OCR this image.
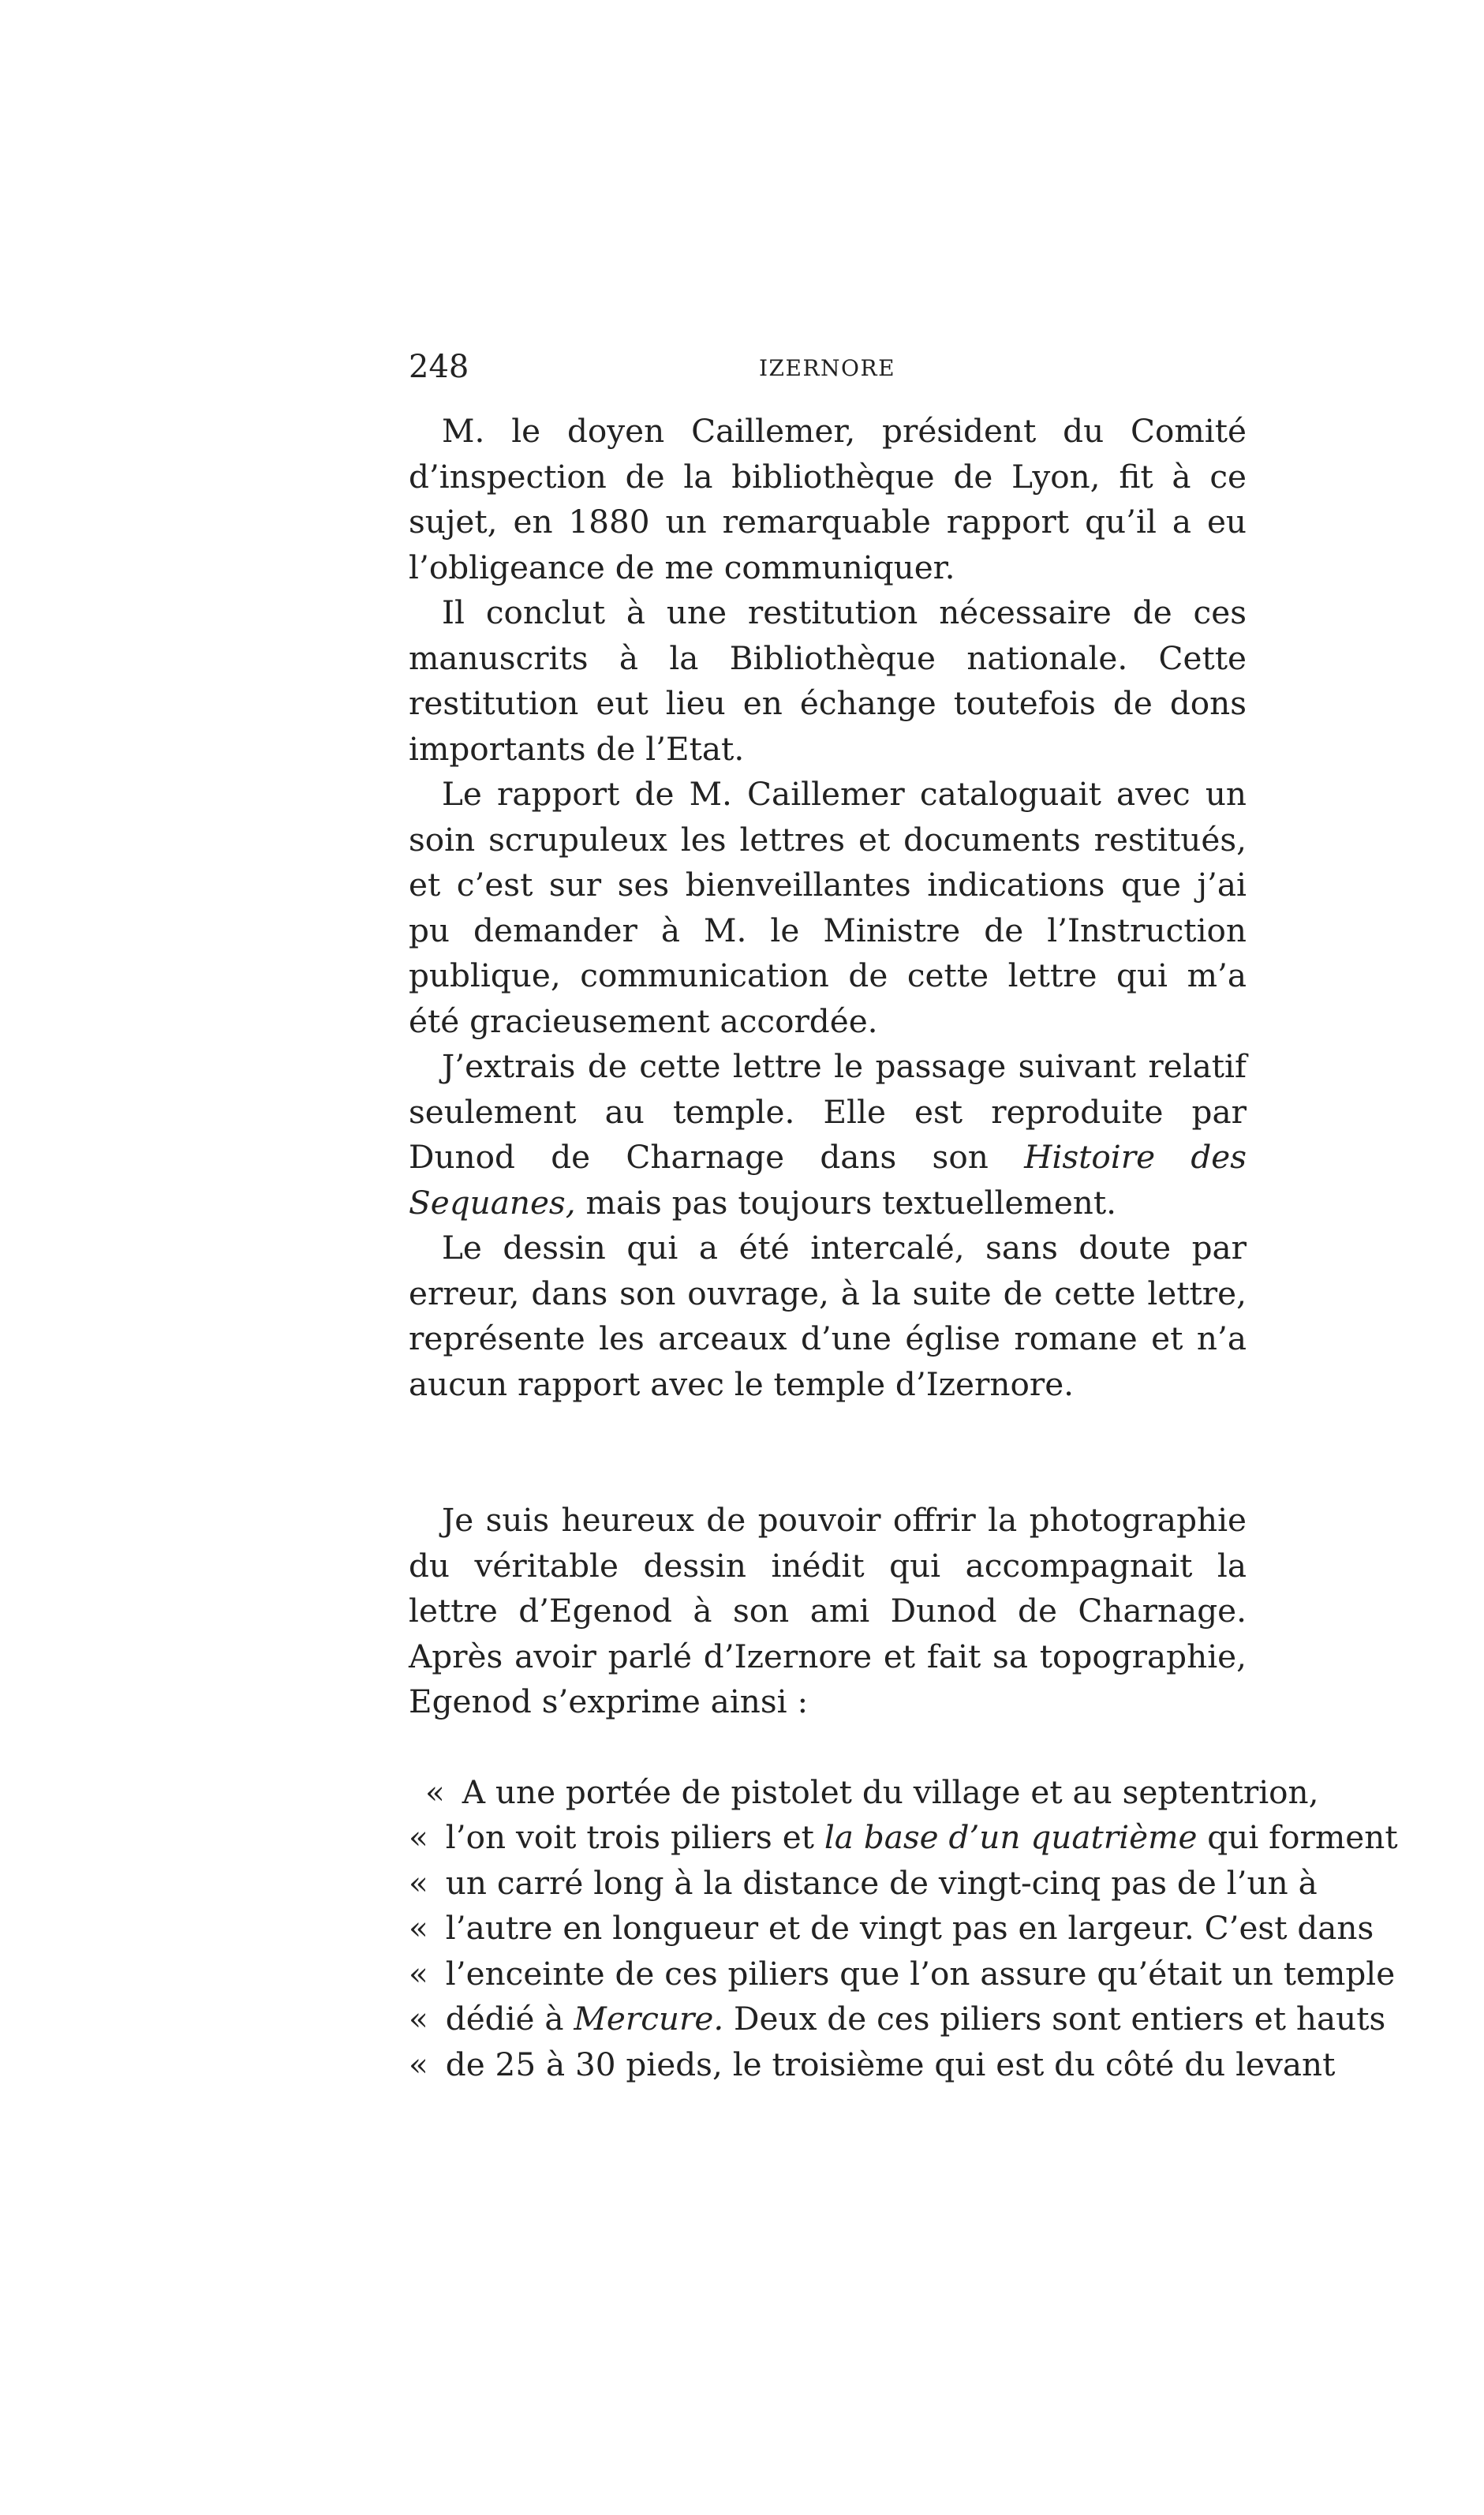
248	IZERNORE

M. le doyen Caillemer, président du Comité d’inspection de la bibliothèque de Lyon, fit à ce sujet, en 1880 un remarquable rapport qu’il a eu l’obligeance de me communiquer.

Il conclut à une restitution nécessaire de ces manuscrits à la Bibliothèque nationale. Cette restitution eut lieu en échange toutefois de dons importants de l’Etat.

Le rapport de M. Caillemer cataloguait avec un soin scrupuleux les lettres et documents restitués, et c’est sur ses bienveillantes indications que j’ai pu demander à M. le Ministre de l’Instruction publique, communication de cette lettre qui m’a été gracieusement accordée.

J’extrais de cette lettre le passage suivant relatif seulement au temple. Elle est reproduite par Dunod de Charnage dans son Histoire des Sequanes, mais pas toujours textuellement.

Le dessin qui a été intercalé, sans doute par erreur, dans son ouvrage, à la suite de cette lettre, représente les arceaux d’une église romane et n’a aucun rapport avec le temple d’Izernore.

Je suis heureux de pouvoir offrir la photographie du véritable dessin inédit qui accompagnait la lettre d’Egenod à son ami Dunod de Charnage. Après avoir parlé d’Izernore et fait sa topographie, Egenod s’exprime ainsi :

« A une portée de pistolet du village et au septentrion,
« l’on voit trois piliers et la base d’un quatrième qui forment
« un carré long à la distance de vingt-cinq pas de l’un à
« l’autre en longueur et de vingt pas en largeur. C’est dans
« l’enceinte de ces piliers que l’on assure qu’était un temple
« dédié à Mercure. Deux de ces piliers sont entiers et hauts
« de 25 à 30 pieds, le troisième qui est du côté du levant
